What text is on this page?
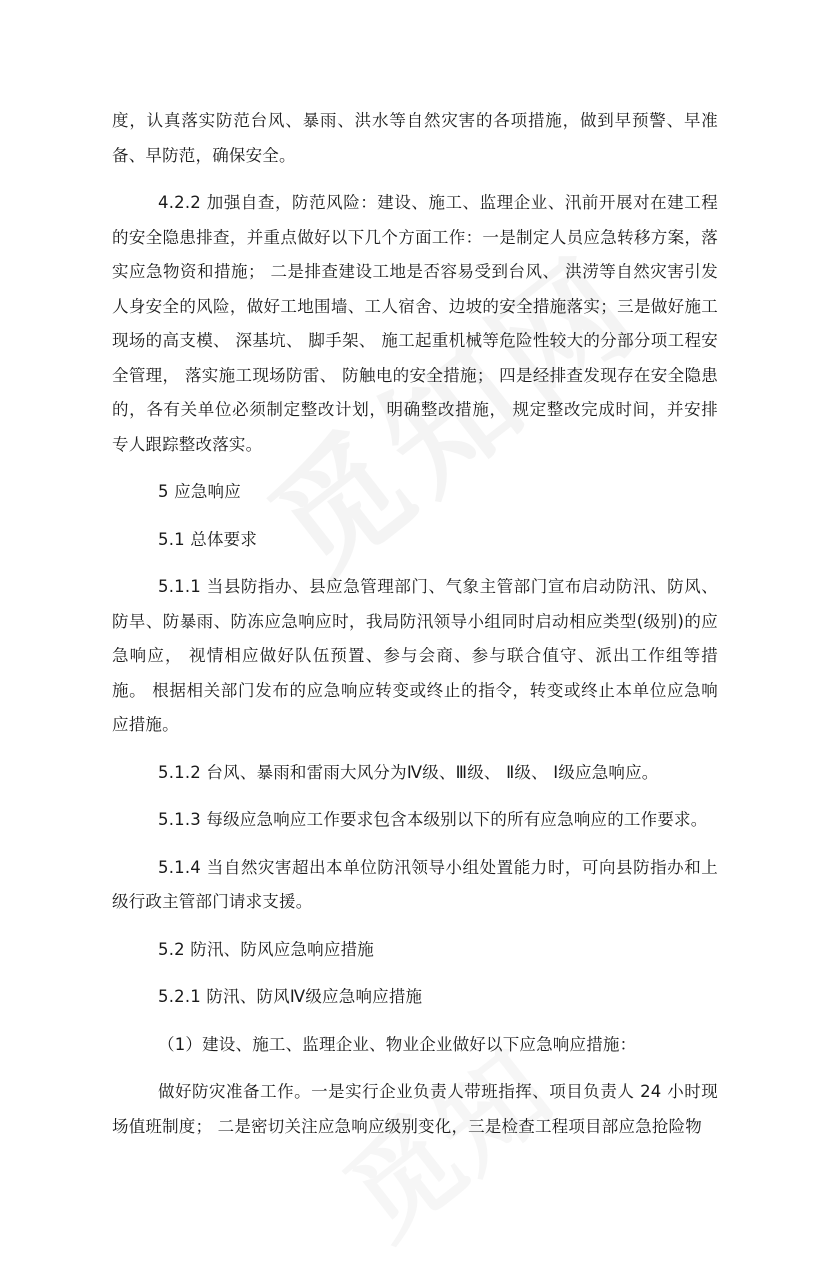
度，认真落实防范台风、暴雨、洪水等自然灾害的各项措施，做到早预警、早准备、早防范，确保安全。

4.2.2 加强自查，防范风险：建设、施工、监理企业、汛前开展对在建工程的安全隐患排查，并重点做好以下几个方面工作：一是制定人员应急转移方案，落实应急物资和措施； 二是排查建设工地是否容易受到台风、 洪涝等自然灾害引发人身安全的风险，做好工地围墙、工人宿舍、边坡的安全措施落实；三是做好施工现场的高支模、 深基坑、 脚手架、 施工起重机械等危险性较大的分部分项工程安全管理， 落实施工现场防雷、 防触电的安全措施； 四是经排查发现存在安全隐患的，各有关单位必须制定整改计划，明确整改措施， 规定整改完成时间，并安排专人跟踪整改落实。

5 应急响应

5.1 总体要求

5.1.1 当县防指办、县应急管理部门、气象主管部门宣布启动防汛、防风、防旱、防暴雨、防冻应急响应时，我局防汛领导小组同时启动相应类型(级别)的应急响应， 视情相应做好队伍预置、参与会商、参与联合值守、派出工作组等措施。 根据相关部门发布的应急响应转变或终止的指令，转变或终止本单位应急响应措施。

5.1.2 台风、暴雨和雷雨大风分为Ⅳ级、Ⅲ级、 Ⅱ级、 Ⅰ级应急响应。

5.1.3 每级应急响应工作要求包含本级别以下的所有应急响应的工作要求。

5.1.4 当自然灾害超出本单位防汛领导小组处置能力时，可向县防指办和上级行政主管部门请求支援。

5.2 防汛、防风应急响应措施

5.2.1 防汛、防风Ⅳ级应急响应措施

（1）建设、施工、监理企业、物业企业做好以下应急响应措施：

做好防灾准备工作。一是实行企业负责人带班指挥、项目负责人 24 小时现场值班制度； 二是密切关注应急响应级别变化，三是检查工程项目部应急抢险物
